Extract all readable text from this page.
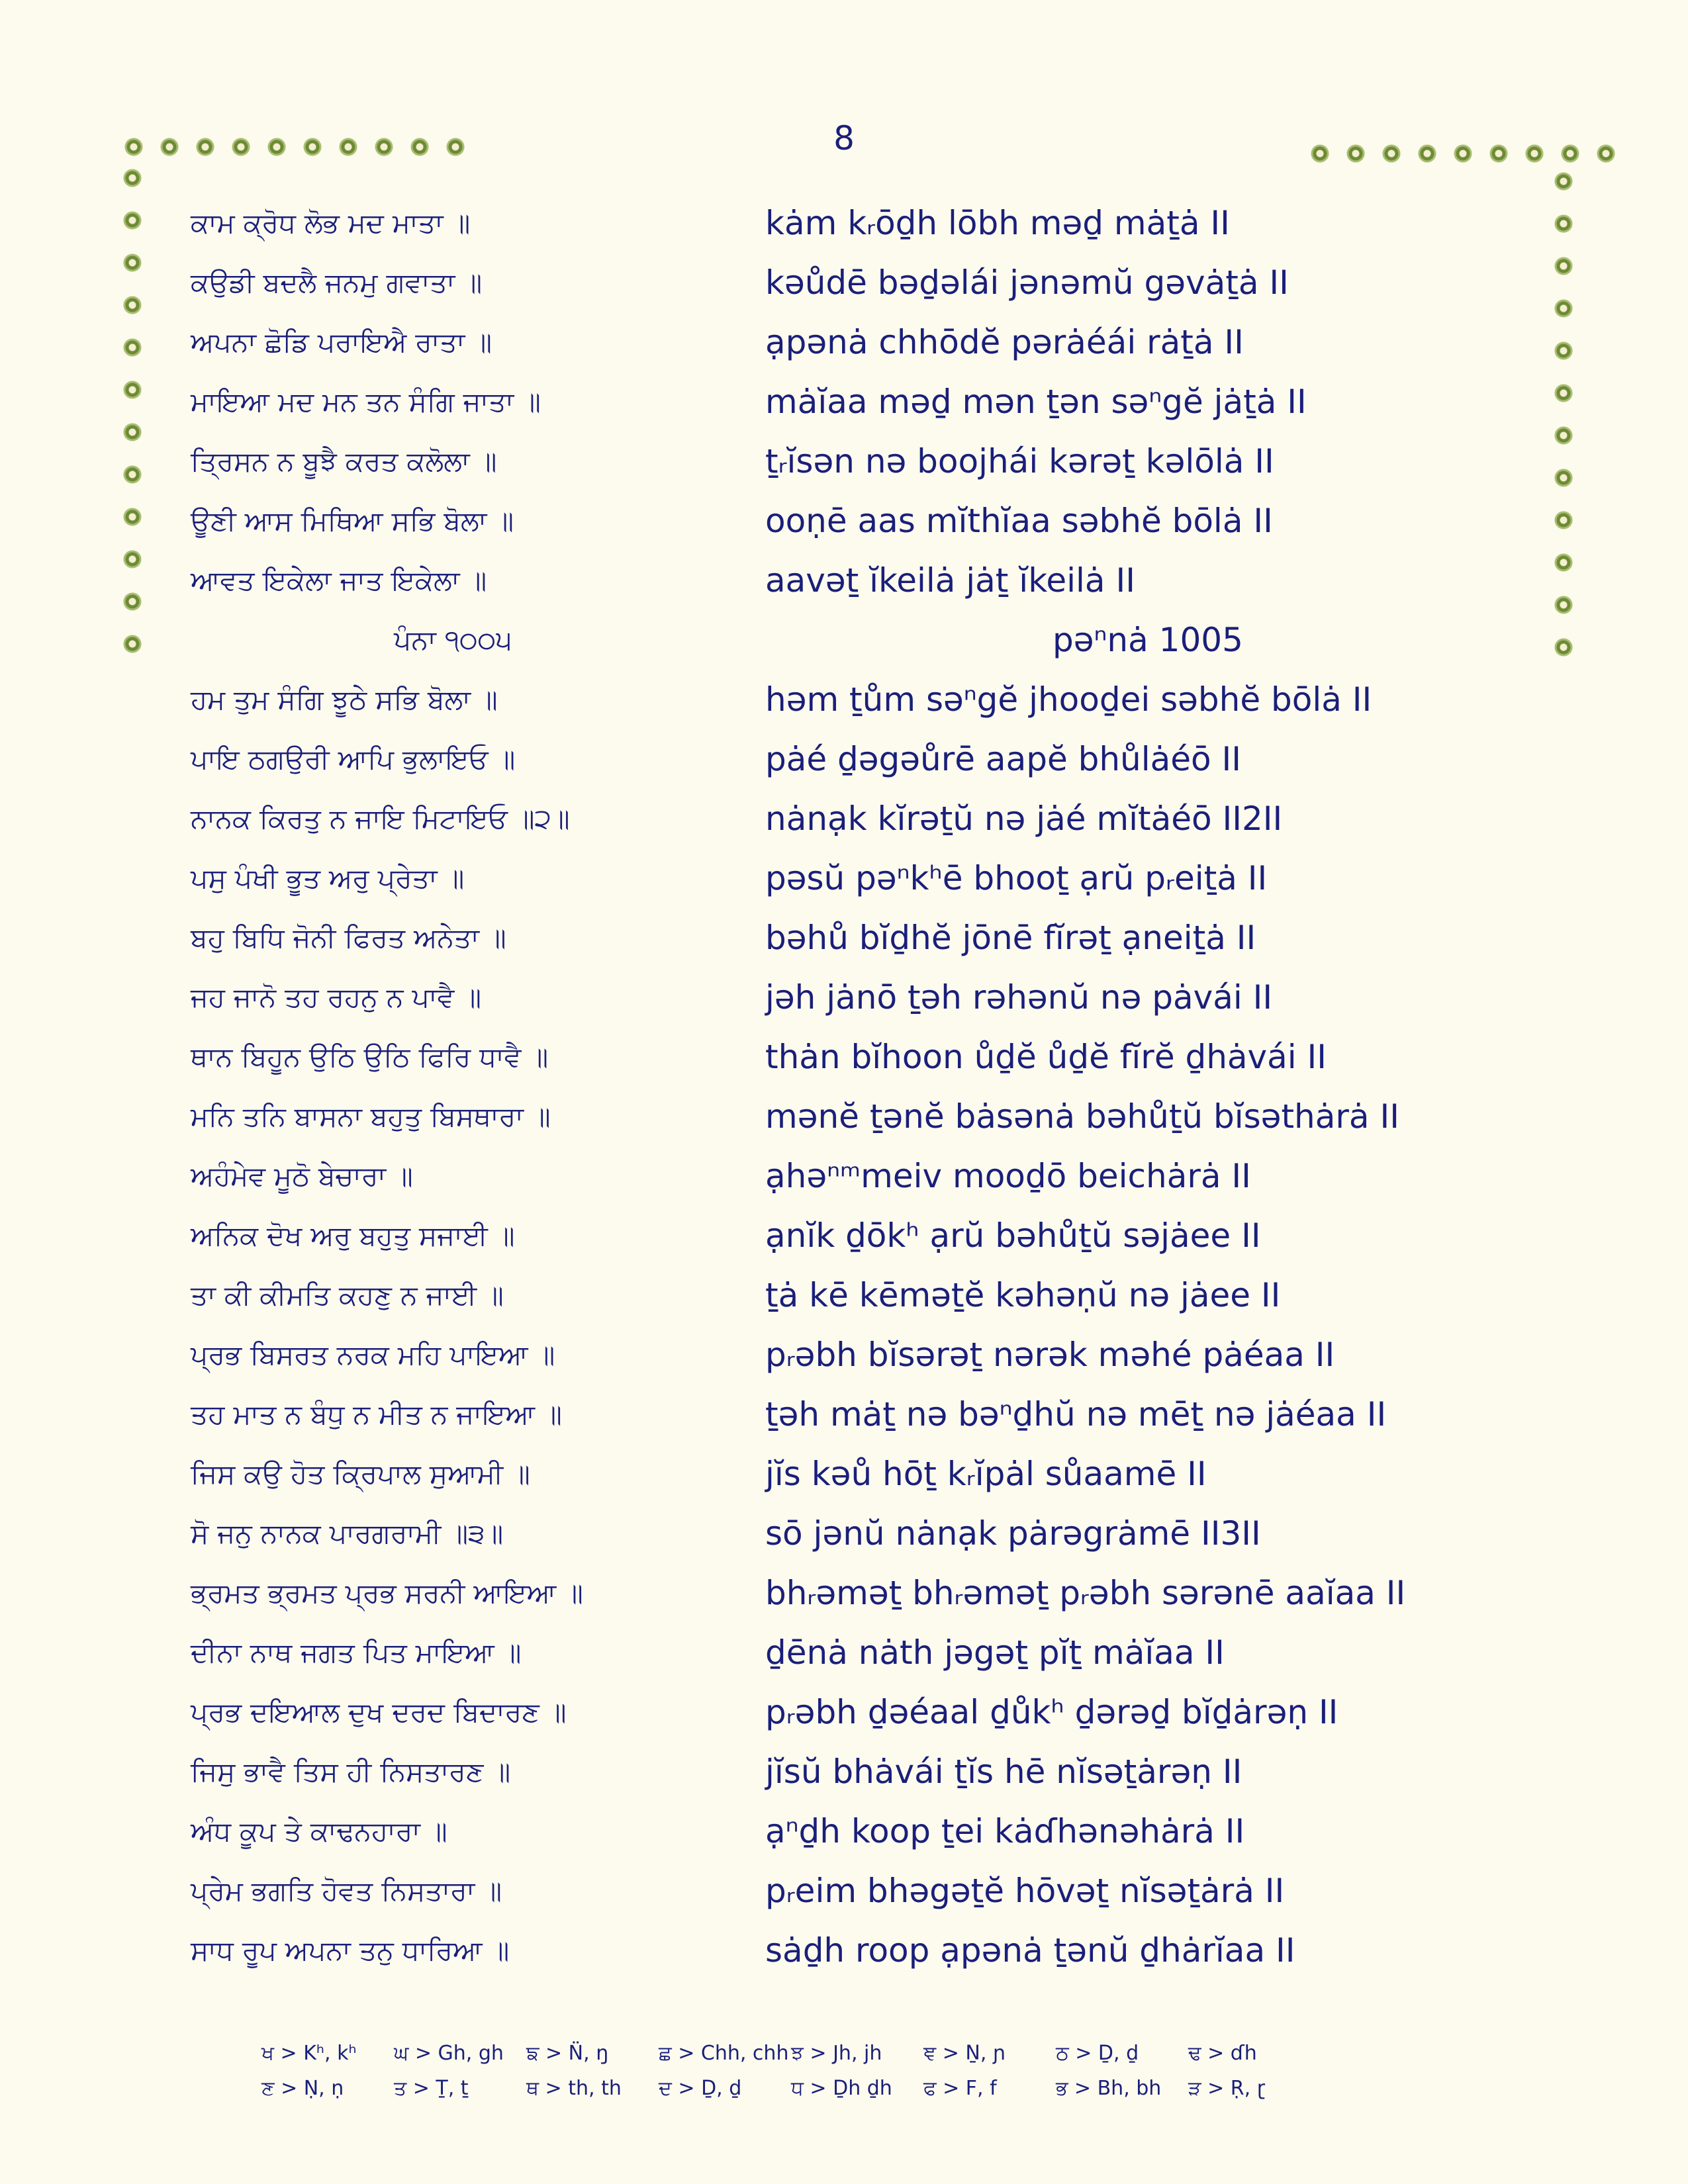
8
ਕਾਮ ਕ੍ਰੋਧ ਲੋਭ ਮਦ ਮਾਤਾ ॥	kȧm kᵣōḏh lōbh məḏ mȧṯȧ II
ਕਉਡੀ ਬਦਲੈ ਜਨਮੁ ਗਵਾਤਾ ॥	kəůdē bəḏəlái jənəmŭ gəvȧṯȧ II
ਅਪਨਾ ਛੋਡਿ ਪਰਾਇਐ ਰਾਤਾ ॥	ạpənȧ chhōdĕ pərȧéái rȧṯȧ II
ਮਾਇਆ ਮਦ ਮਨ ਤਨ ਸੰਗਿ ਜਾਤਾ ॥	mȧĭaa məḏ mən ṯən səⁿgĕ jȧṯȧ II
ਤ੍ਰਿਸਨ ਨ ਬੂਝੈ ਕਰਤ ਕਲੋਲਾ ॥	ṯᵣĭsən nə boojhái kərəṯ kəlōlȧ II
ਊਣੀ ਆਸ ਮਿਥਿਆ ਸਭਿ ਬੋਲਾ ॥	ooṇē aas mĭthĭaa səbhĕ bōlȧ II
ਆਵਤ ਇਕੇਲਾ ਜਾਤ ਇਕੇਲਾ ॥	aavəṯ ĭkeilȧ jȧṯ ĭkeilȧ II
ਪੰਨਾ ੧੦੦੫	pəⁿnȧ 1005
ਹਮ ਤੁਮ ਸੰਗਿ ਝੂਠੇ ਸਭਿ ਬੋਲਾ ॥	həm ṯům səⁿgĕ jhooḏei səbhĕ bōlȧ II
ਪਾਇ ਠਗਉਰੀ ਆਪਿ ਭੁਲਾਇਓ ॥	pȧé ḏəgəůrē aapĕ bhůlȧéō II
ਨਾਨਕ ਕਿਰਤੁ ਨ ਜਾਇ ਮਿਟਾਇਓ ॥੨॥	nȧnạk kĭrəṯŭ nə jȧé mĭtȧéō II2II
ਪਸੁ ਪੰਖੀ ਭੂਤ ਅਰੁ ਪ੍ਰੇਤਾ ॥	pəsŭ pəⁿkʰē bhooṯ ạrŭ pᵣeiṯȧ II
ਬਹੁ ਬਿਧਿ ਜੋਨੀ ਫਿਰਤ ਅਨੇਤਾ ॥	bəhů bĭḏhĕ jōnē fĭrəṯ ạneiṯȧ II
ਜਹ ਜਾਨੋ ਤਹ ਰਹਨੁ ਨ ਪਾਵੈ ॥	jəh jȧnō ṯəh rəhənŭ nə pȧvái II
ਥਾਨ ਬਿਹੂਨ ਉਠਿ ਉਠਿ ਫਿਰਿ ਧਾਵੈ ॥	thȧn bĭhoon ůḏĕ ůḏĕ fĭrĕ ḏhȧvái II
ਮਨਿ ਤਨਿ ਬਾਸਨਾ ਬਹੁਤੁ ਬਿਸਥਾਰਾ ॥	mənĕ ṯənĕ bȧsənȧ bəhůṯŭ bĭsəthȧrȧ II
ਅਹੰਮੇਵ ਮੂਠੋ ਬੇਚਾਰਾ ॥	ạhəⁿᵐmeiv mooḏō beichȧrȧ II
ਅਨਿਕ ਦੋਖ ਅਰੁ ਬਹੁਤੁ ਸਜਾਈ ॥	ạnĭk ḏōkʰ ạrŭ bəhůṯŭ səjȧee II
ਤਾ ਕੀ ਕੀਮਤਿ ਕਹਣੁ ਨ ਜਾਈ ॥	ṯȧ kē kēməṯĕ kəhəṇŭ nə jȧee II
ਪ੍ਰਭ ਬਿਸਰਤ ਨਰਕ ਮਹਿ ਪਾਇਆ ॥	pᵣəbh bĭsərəṯ nərək məhé pȧéaa II
ਤਹ ਮਾਤ ਨ ਬੰਧੁ ਨ ਮੀਤ ਨ ਜਾਇਆ ॥	ṯəh mȧṯ nə bəⁿḏhŭ nə mēṯ nə jȧéaa II
ਜਿਸ ਕਉ ਹੋਤ ਕ੍ਰਿਪਾਲ ਸੁਆਮੀ ॥	jĭs kəů hōṯ kᵣĭpȧl sůaamē II
ਸੋ ਜਨੁ ਨਾਨਕ ਪਾਰਗਰਾਮੀ ॥੩॥	sō jənŭ nȧnạk pȧrəgrȧmē II3II
ਭ੍ਰਮਤ ਭ੍ਰਮਤ ਪ੍ਰਭ ਸਰਨੀ ਆਇਆ ॥	bhᵣəməṯ bhᵣəməṯ pᵣəbh sərənē aaĭaa II
ਦੀਨਾ ਨਾਥ ਜਗਤ ਪਿਤ ਮਾਇਆ ॥	ḏēnȧ nȧth jəgəṯ pĭṯ mȧĭaa II
ਪ੍ਰਭ ਦਇਆਲ ਦੁਖ ਦਰਦ ਬਿਦਾਰਣ ॥	pᵣəbh ḏəéaal ḏůkʰ ḏərəḏ bĭḏȧrəṇ II
ਜਿਸੁ ਭਾਵੈ ਤਿਸ ਹੀ ਨਿਸਤਾਰਣ ॥	jĭsŭ bhȧvái ṯĭs hē nĭsəṯȧrəṇ II
ਅੰਧ ਕੂਪ ਤੇ ਕਾਢਨਹਾਰਾ ॥	ạⁿḏh koop ṯei kȧɗhənəhȧrȧ II
ਪ੍ਰੇਮ ਭਗਤਿ ਹੋਵਤ ਨਿਸਤਾਰਾ ॥	pᵣeim bhəgəṯĕ hōvəṯ nĭsəṯȧrȧ II
ਸਾਧ ਰੂਪ ਅਪਨਾ ਤਨੁ ਧਾਰਿਆ ॥	sȧḏh roop ạpənȧ ṯənŭ ḏhȧrĭaa II
ਖ > Kʰ, kʰ	ਘ > Gh, gh	ਙ > N̈, ŋ	ਛ > Chh, chh ਝ > Jh, jh	ਞ > Ṉ, ɲ	ਠ > Ḏ, ḏ	ਢ > ɗh
ਣ > Ṇ, ṇ	ਤ > Ṯ, ṯ	ਥ > th, th	ਦ > Ḏ, ḏ	ਧ > Ḏh ḏh	ਫ > F, f	ਭ > Bh, bh	ੜ > Ṛ, ɽ
